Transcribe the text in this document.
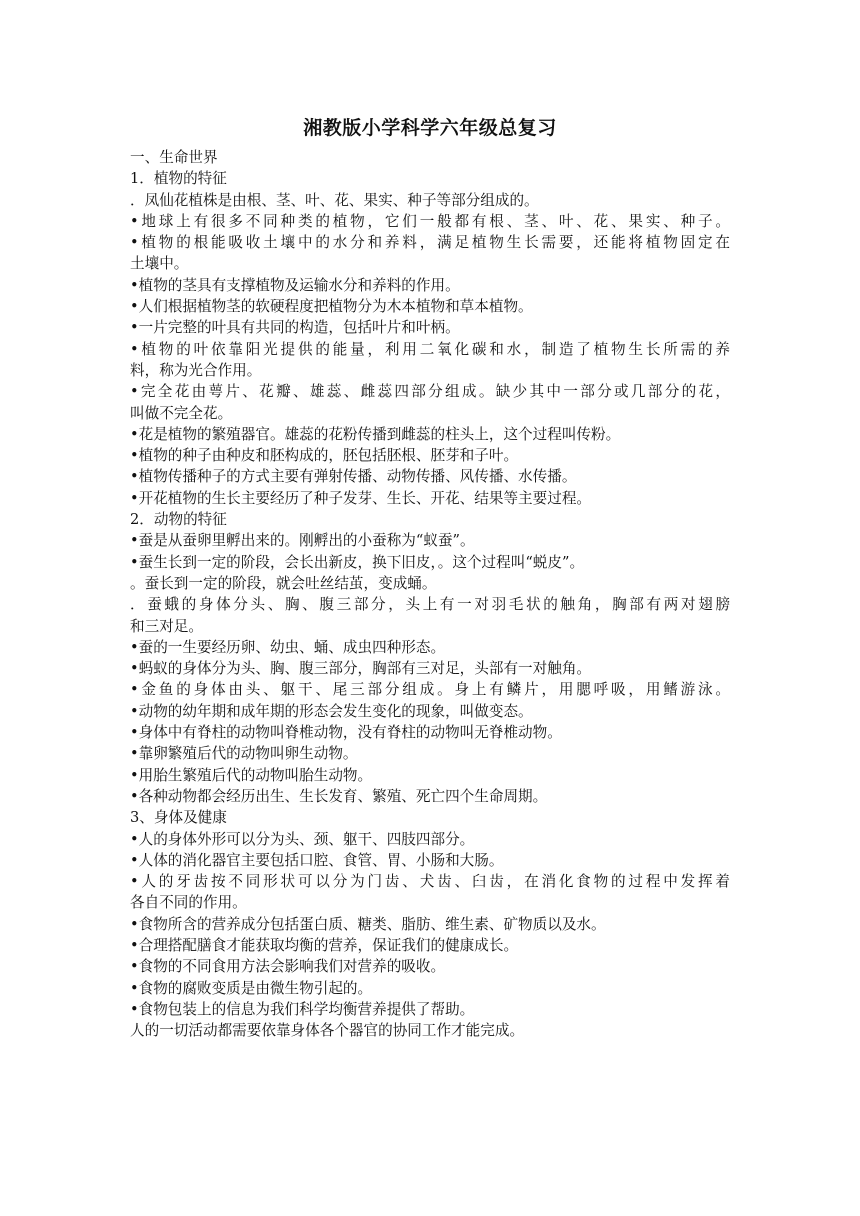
湘教版小学科学六年级总复习

一、生命世界

1．植物的特征

．凤仙花植株是由根、茎、叶、花、果实、种子等部分组成的。

•地球上有很多不同种类的植物，它们一般都有根、茎、叶、花、果实、种子。

•植物的根能吸收土壤中的水分和养料，满足植物生长需要，还能将植物固定在

土壤中。

•植物的茎具有支撑植物及运输水分和养料的作用。

•人们根据植物茎的软硬程度把植物分为木本植物和草本植物。

•一片完整的叶具有共同的构造，包括叶片和叶柄。

•植物的叶依靠阳光提供的能量，利用二氧化碳和水，制造了植物生长所需的养

料，称为光合作用。

•完全花由萼片、花瓣、雄蕊、雌蕊四部分组成。缺少其中一部分或几部分的花，

叫做不完全花。

•花是植物的繁殖器官。雄蕊的花粉传播到雌蕊的柱头上，这个过程叫传粉。

•植物的种子由种皮和胚构成的，胚包括胚根、胚芽和子叶。

•植物传播种子的方式主要有弹射传播、动物传播、风传播、水传播。

•开花植物的生长主要经历了种子发芽、生长、开花、结果等主要过程。

2．动物的特征

•蚕是从蚕卵里孵出来的。刚孵出的小蚕称为“蚁蚕”。

•蚕生长到一定的阶段，会长出新皮，换下旧皮，。这个过程叫“蜕皮”。

。蚕长到一定的阶段，就会吐丝结茧，变成蛹。

．蚕蛾的身体分头、胸、腹三部分，头上有一对羽毛状的触角，胸部有两对翅膀

和三对足。

•蚕的一生要经历卵、幼虫、蛹、成虫四种形态。

•蚂蚁的身体分为头、胸、腹三部分，胸部有三对足，头部有一对触角。

•金鱼的身体由头、躯干、尾三部分组成。身上有鳞片，用腮呼吸，用鳍游泳。

•动物的幼年期和成年期的形态会发生变化的现象，叫做变态。

•身体中有脊柱的动物叫脊椎动物，没有脊柱的动物叫无脊椎动物。

•靠卵繁殖后代的动物叫卵生动物。

•用胎生繁殖后代的动物叫胎生动物。

•各种动物都会经历出生、生长发育、繁殖、死亡四个生命周期。

3、身体及健康

•人的身体外形可以分为头、颈、躯干、四肢四部分。

•人体的消化器官主要包括口腔、食管、胃、小肠和大肠。

•人的牙齿按不同形状可以分为门齿、犬齿、臼齿，在消化食物的过程中发挥着

各自不同的作用。

•食物所含的营养成分包括蛋白质、糖类、脂肪、维生素、矿物质以及水。

•合理搭配膳食才能获取均衡的营养，保证我们的健康成长。

•食物的不同食用方法会影响我们对营养的吸收。

•食物的腐败变质是由微生物引起的。

•食物包装上的信息为我们科学均衡营养提供了帮助。

人的一切活动都需要依靠身体各个器官的协同工作才能完成。
